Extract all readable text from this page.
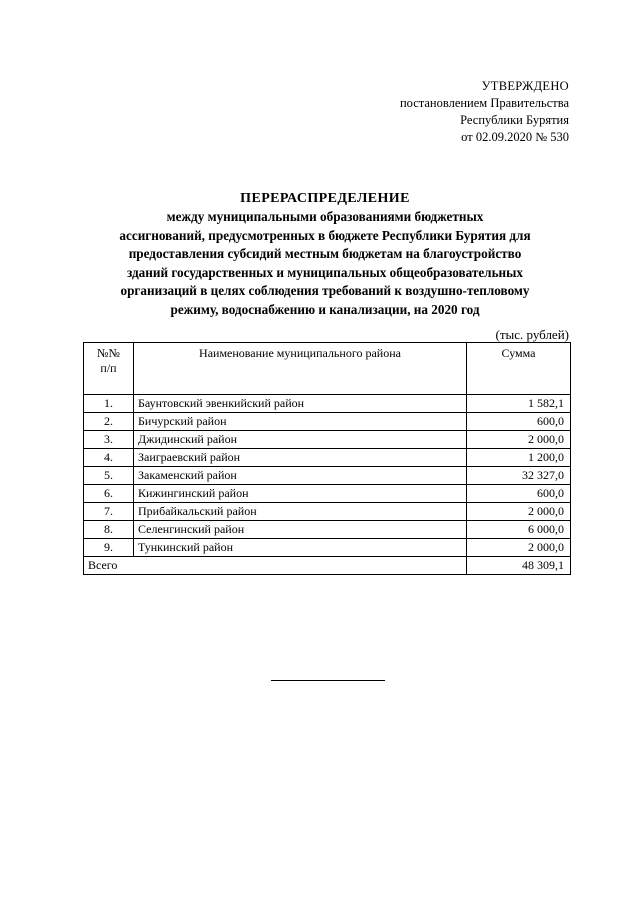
УТВЕРЖДЕНО
постановлением Правительства
Республики Бурятия
от 02.09.2020 № 530
ПЕРЕРАСПРЕДЕЛЕНИЕ
между муниципальными образованиями бюджетных
ассигнований, предусмотренных в бюджете Республики Бурятия для
предоставления субсидий местным бюджетам на благоустройство
зданий государственных и муниципальных общеобразовательных
организаций в целях соблюдения требований к воздушно-тепловому
режиму, водоснабжению и канализации, на 2020 год
(тыс. рублей)
№№
п/п	Наименование муниципального района	Сумма
1.	Баунтовский эвенкийский район	1 582,1
2.	Бичурский район	600,0
3.	Джидинский район	2 000,0
4.	Заиграевский район	1 200,0
5.	Закаменский район	32 327,0
6.	Кижингинский район	600,0
7.	Прибайкальский район	2 000,0
8.	Селенгинский район	6 000,0
9.	Тункинский район	2 000,0
Всего		48 309,1
